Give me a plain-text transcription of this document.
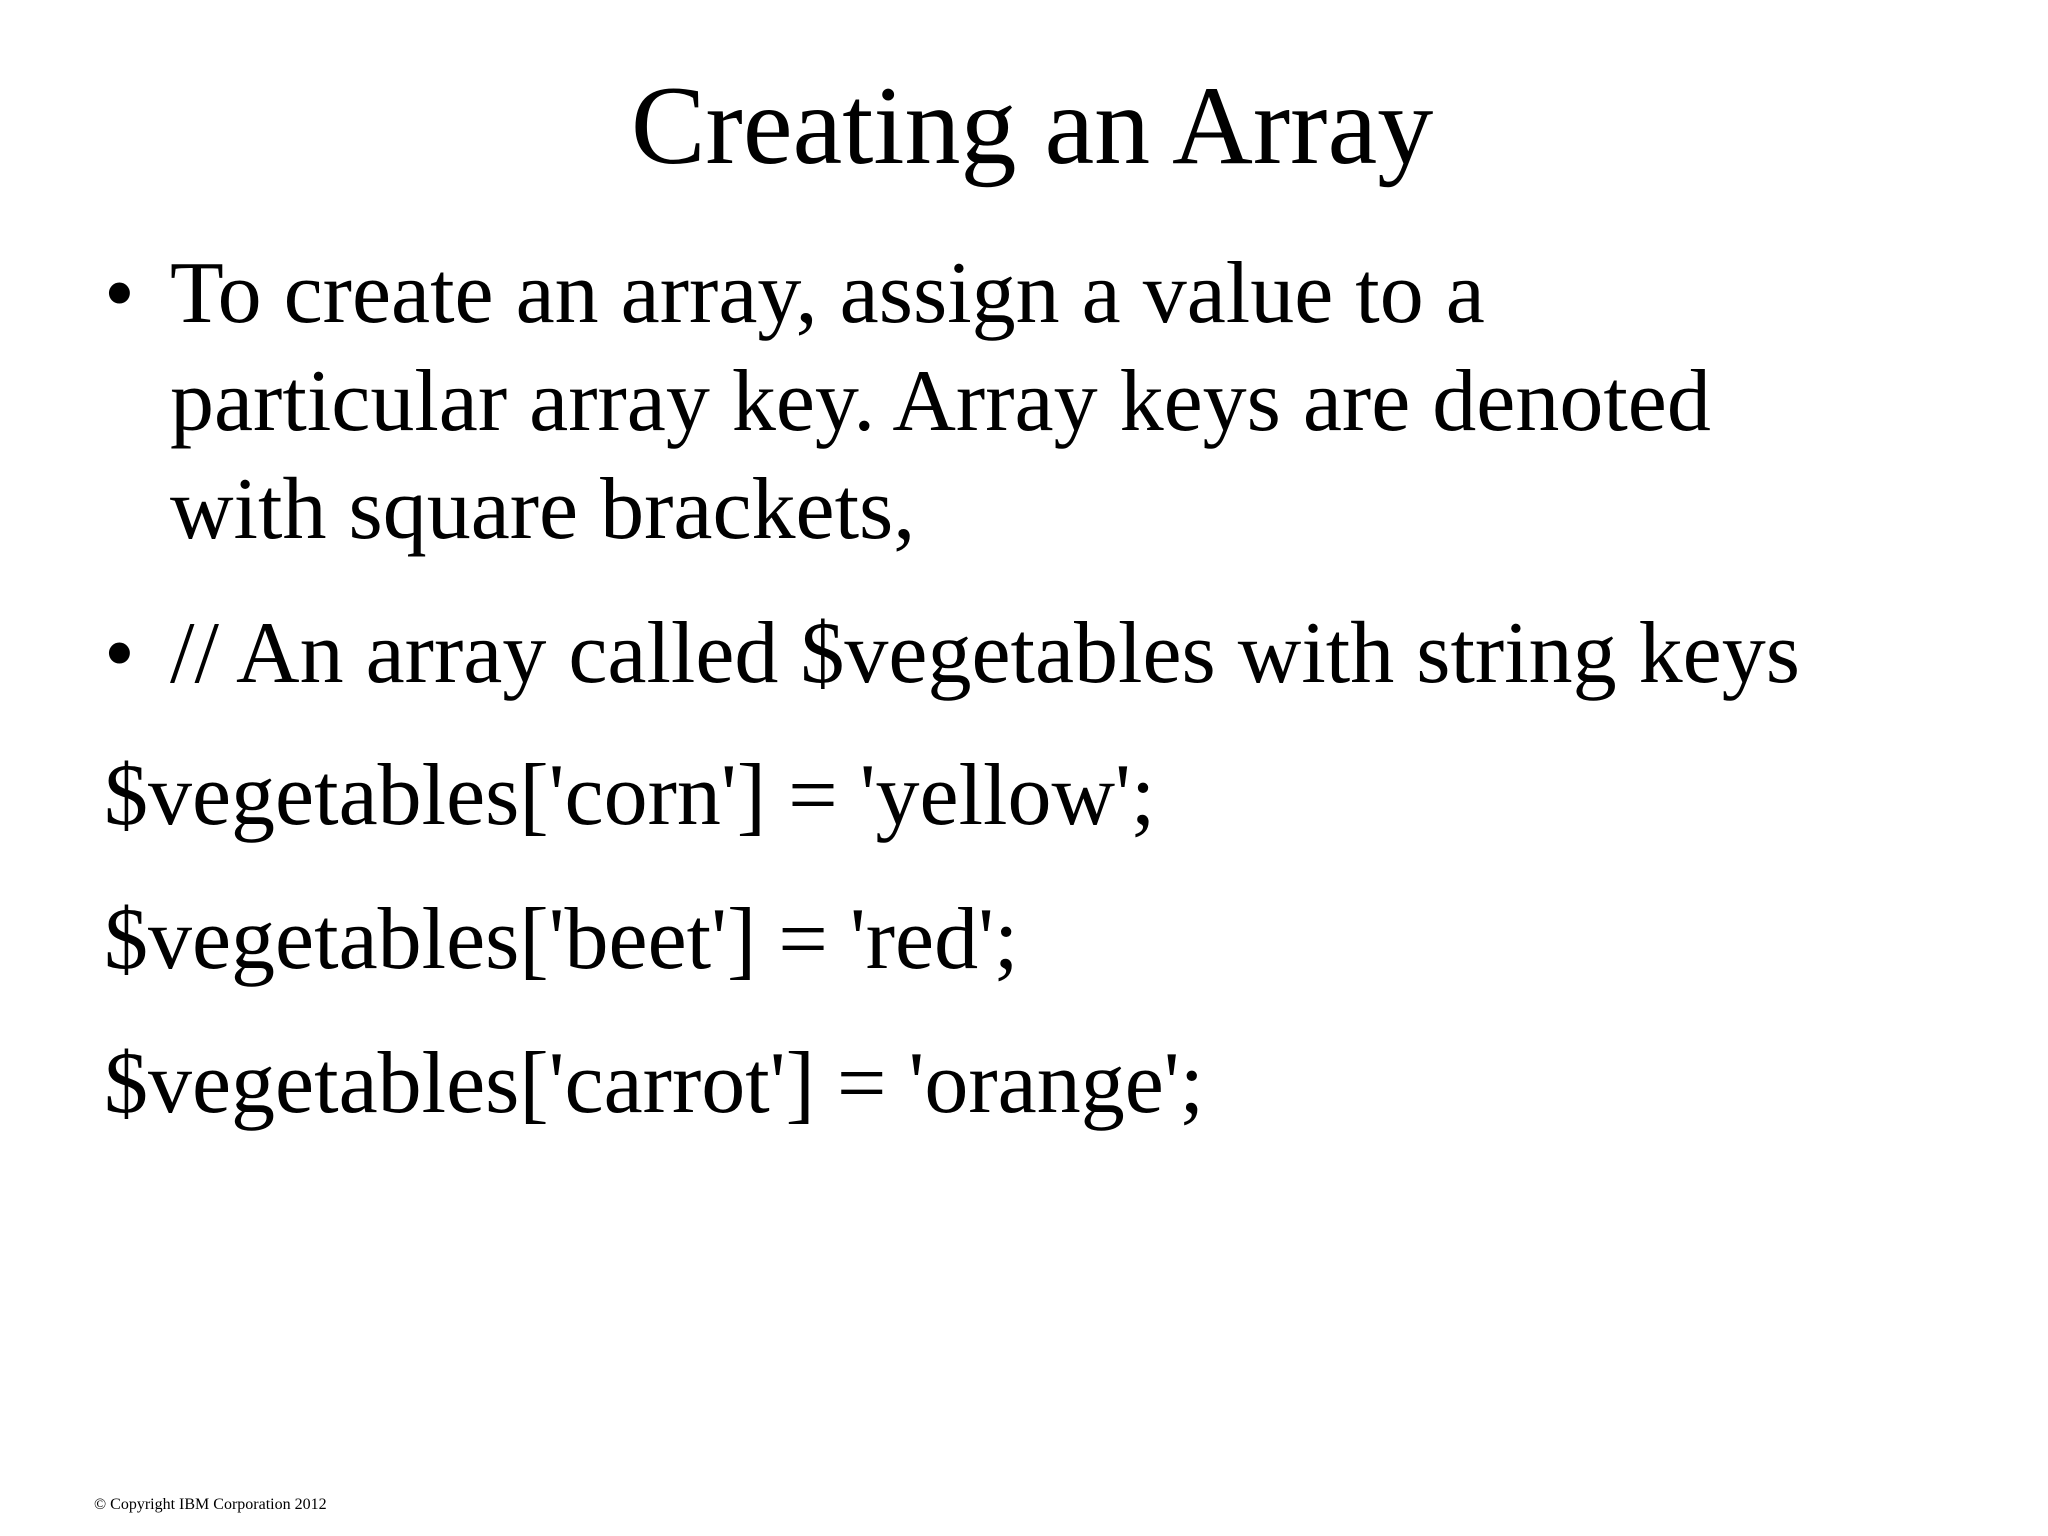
Creating an Array
• To create an array, assign a value to a
particular array key. Array keys are denoted
with square brackets,
• // An array called $vegetables with string keys
$vegetables['corn'] = 'yellow';
$vegetables['beet'] = 'red';
$vegetables['carrot'] = 'orange';
© Copyright IBM Corporation 2012
